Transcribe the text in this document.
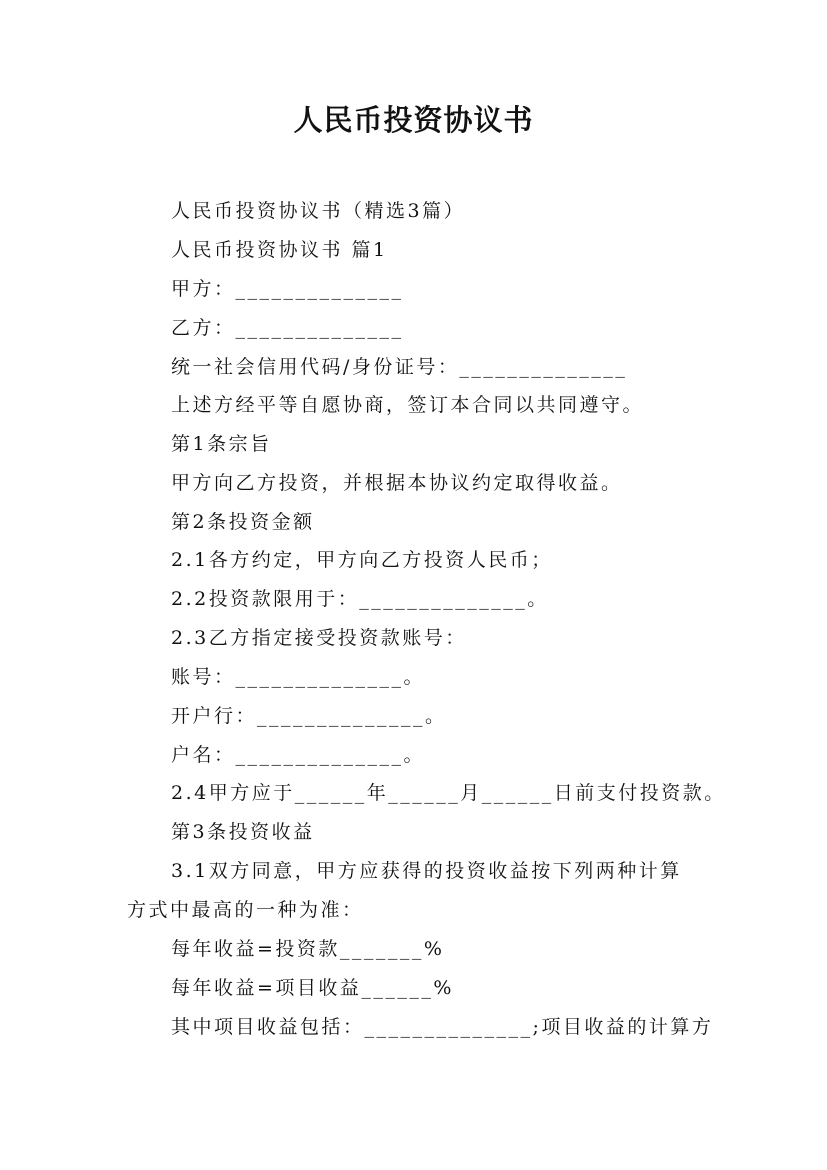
人民币投资协议书

人民币投资协议书（精选3篇）

人民币投资协议书 篇1

甲方：______________

乙方：______________

统一社会信用代码/身份证号：______________

上述方经平等自愿协商，签订本合同以共同遵守。

第1条宗旨

甲方向乙方投资，并根据本协议约定取得收益。

第2条投资金额

2.1各方约定，甲方向乙方投资人民币；

2.2投资款限用于：______________。

2.3乙方指定接受投资款账号：

账号：______________。

开户行：______________。

户名：______________。

2.4甲方应于______年______月______日前支付投资款。

第3条投资收益

3.1双方同意，甲方应获得的投资收益按下列两种计算

方式中最高的一种为准：

每年收益=投资款_______%

每年收益=项目收益______%

其中项目收益包括：______________;项目收益的计算方
